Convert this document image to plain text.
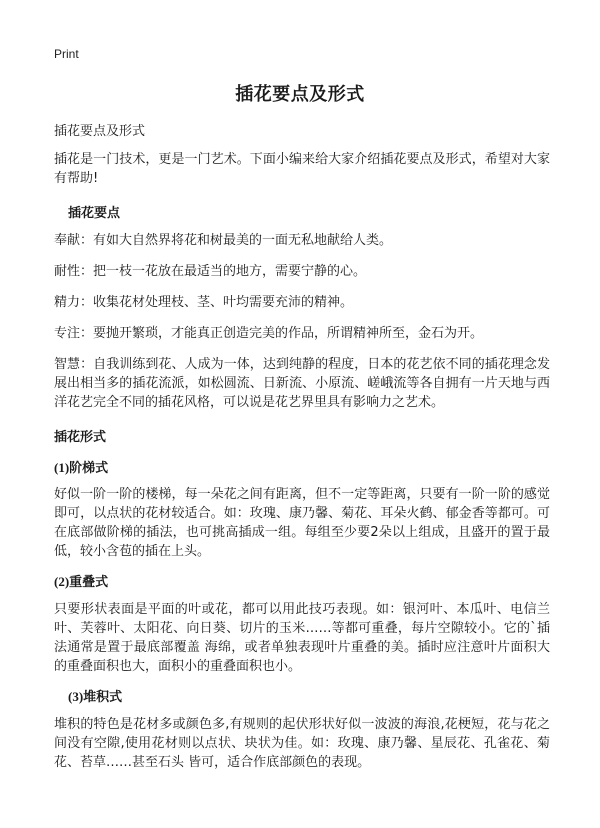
Print
插花要点及形式

插花要点及形式

插花是一门技术，更是一门艺术。下面小编来给大家介绍插花要点及形式，希望对大家有帮助!

插花要点

奉献：有如大自然界将花和树最美的一面无私地献给人类。

耐性：把一枝一花放在最适当的地方，需要宁静的心。

精力：收集花材处理枝、茎、叶均需要充沛的精神。

专注：要抛开繁琐，才能真正创造完美的作品，所谓精神所至，金石为开。

智慧：自我训练到花、人成为一体，达到纯静的程度，日本的花艺依不同的插花理念发展出相当多的插花流派，如松圆流、日新流、小原流、嵯峨流等各自拥有一片天地与西洋花艺完全不同的插花风格，可以说是花艺界里具有影响力之艺术。

插花形式
(1)阶梯式

好似一阶一阶的楼梯，每一朵花之间有距离，但不一定等距离，只要有一阶一阶的感觉即可，以点状的花材较适合。如：玫瑰、康乃馨、菊花、耳朵火鹤、郁金香等都可。可在底部做阶梯的插法，也可挑高插成一组。每组至少要2朵以上组成，且盛开的置于最低，较小含苞的插在上头。

(2)重叠式

只要形状表面是平面的叶或花，都可以用此技巧表现。如：银河叶、本瓜叶、电信兰叶、芙蓉叶、太阳花、向日葵、切片的玉米……等都可重叠，每片空隙较小。它的`插法通常是置于最底部覆盖 海绵，或者单独表现叶片重叠的美。插时应注意叶片面积大的重叠面积也大，面积小的重叠面积也小。

(3)堆积式

堆积的特色是花材多或颜色多,有规则的起伏形状好似一波波的海浪,花梗短，花与花之间没有空隙,使用花材则以点状、块状为佳。如：玫瑰、康乃馨、星辰花、孔雀花、菊花、苔草……甚至石头 皆可，适合作底部颜色的表现。
